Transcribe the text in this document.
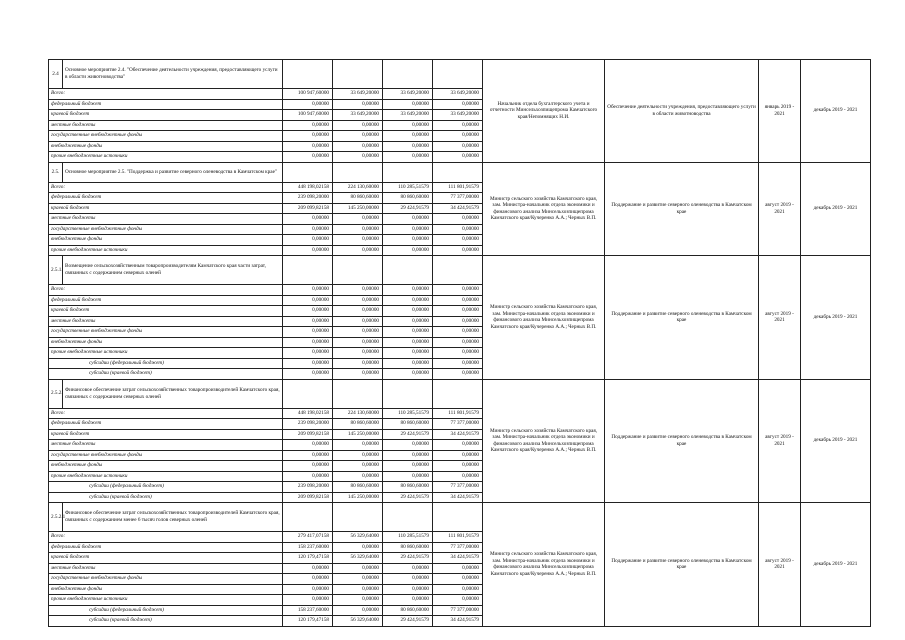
2.4	Основное мероприятие 2.4. "Обеспечение деятельности учреждения, предоставляющего услуги в области животноводства"					Начальник отдела бухгалтерского учета и отчетности Минсельхозпищепрома Камчатского края/Непомнящих Н.И.	Обеспечение деятельности учреждения, предоставляющего услуги в области животноводства	январь 2019 - 2021	декабрь 2019 - 2021
Всего:		100 947,60000	33 649,20000	33 649,20000	33 649,20000				
федеральный бюджет		0,00000	0,00000	0,00000	0,00000				
краевой бюджет		100 947,60000	33 649,20000	33 649,20000	33 649,20000				
местные бюджеты		0,00000	0,00000	0,00000	0,00000				
государственные внебюджетные фонды		0,00000	0,00000	0,00000	0,00000				
внебюджетные фонды		0,00000	0,00000	0,00000	0,00000				
прочие внебюджетные источники		0,00000	0,00000	0,00000	0,00000				
2.5.	Основное мероприятие 2.5. "Поддержка и развитие северного оленеводства в Камчатском крае"					Министр сельского хозяйства Камчатского края, зам. Министра-начальник отдела экономики и финансового анализа Минсельхозпищепрома Камчатского края/Кучеренко А.А.; Черных В.П.	Поддержание и развитие северного оленеводства в Камчатском крае	август 2019 - 2021	декабрь 2019 - 2021
Всего:		448 198,02158	224 130,60000	110 285,51579	111 801,91579				
федеральный бюджет		239 098,20000	80 860,60000	80 860,60000	77 377,00000				
краевой бюджет		209 099,82158	145 250,00000	29 424,91579	34 424,91579				
местные бюджеты		0,00000	0,00000	0,00000	0,00000				
государственные внебюджетные фонды		0,00000	0,00000	0,00000	0,00000				
внебюджетные фонды		0,00000	0,00000	0,00000	0,00000				
прочие внебюджетные источники		0,00000	0,00000	0,00000	0,00000				
2.5.1.	Возмещение сельскохозяйственным товаропроизводителям Камчатского края части затрат, связанных с содержанием северных оленей					Министр сельского хозяйства Камчатского края, зам. Министра-начальник отдела экономики и финансового анализа Минсельхозпищепрома Камчатского края/Кучеренко А.А.; Черных В.П.	Поддержание и развитие северного оленеводства в Камчатском крае	август 2019 - 2021	декабрь 2019 - 2021
Всего:		0,00000	0,00000	0,00000	0,00000				
федеральный бюджет		0,00000	0,00000	0,00000	0,00000				
краевой бюджет		0,00000	0,00000	0,00000	0,00000				
местные бюджеты		0,00000	0,00000	0,00000	0,00000				
государственные внебюджетные фонды		0,00000	0,00000	0,00000	0,00000				
внебюджетные фонды		0,00000	0,00000	0,00000	0,00000				
прочие внебюджетные источники		0,00000	0,00000	0,00000	0,00000				
субсидии (федеральный бюджет)		0,00000	0,00000	0,00000	0,00000				
субсидии (краевой бюджет)		0,00000	0,00000	0,00000	0,00000				
2.5.2.	Финансовое обеспечение затрат сельскохозяйственных товаропроизводителей Камчатского края, связанных с содержанием северных оленей					Министр сельского хозяйства Камчатского края, зам. Министра-начальник отдела экономики и финансового анализа Минсельхозпищепрома Камчатского края/Кучеренко А.А.; Черных В.П.	Поддержание и развитие северного оленеводства в Камчатском крае	август 2019 - 2021	декабрь 2019 - 2021
Всего:		448 198,02158	224 130,60000	110 285,51579	111 801,91579				
федеральный бюджет		239 098,20000	80 860,60000	80 860,60000	77 377,00000				
краевой бюджет		209 099,82158	145 250,00000	29 424,91579	34 424,91579				
местные бюджеты		0,00000	0,00000	0,00000	0,00000				
государственные внебюджетные фонды		0,00000	0,00000	0,00000	0,00000				
внебюджетные фонды		0,00000	0,00000	0,00000	0,00000				
прочие внебюджетные источники		0,00000	0,00000	0,00000	0,00000				
субсидии (федеральный бюджет)		239 098,20000	80 860,60000	80 860,60000	77 377,00000				
субсидии (краевой бюджет)		209 099,82158	145 250,00000	29 424,91579	34 424,91579				
2.5.2.1	Финансовое обеспечение затрат сельскохозяйственных товаропроизводителей Камчатского края, связанных с содержанием менее 6 тысяч голов северных оленей					Министр сельского хозяйства Камчатского края, зам. Министра-начальник отдела экономики и финансового анализа Минсельхозпищепрома Камчатского края/Кучеренко А.А.; Черных В.П.	Поддержание и развитие северного оленеводства в Камчатском крае	август 2019 - 2021	декабрь 2019 - 2021
Всего:		279 417,07158	56 329,64000	110 285,51579	111 801,91579				
федеральный бюджет		158 237,60000	0,00000	80 860,60000	77 377,00000				
краевой бюджет		120 179,47158	56 329,64000	29 424,91579	34 424,91579				
местные бюджеты		0,00000	0,00000	0,00000	0,00000				
государственные внебюджетные фонды		0,00000	0,00000	0,00000	0,00000				
внебюджетные фонды		0,00000	0,00000	0,00000	0,00000				
прочие внебюджетные источники		0,00000	0,00000	0,00000	0,00000				
субсидии (федеральный бюджет)		158 237,60000	0,00000	80 860,60000	77 377,00000				
субсидии (краевой бюджет)		120 179,47158	56 329,64000	29 424,91579	34 424,91579				
